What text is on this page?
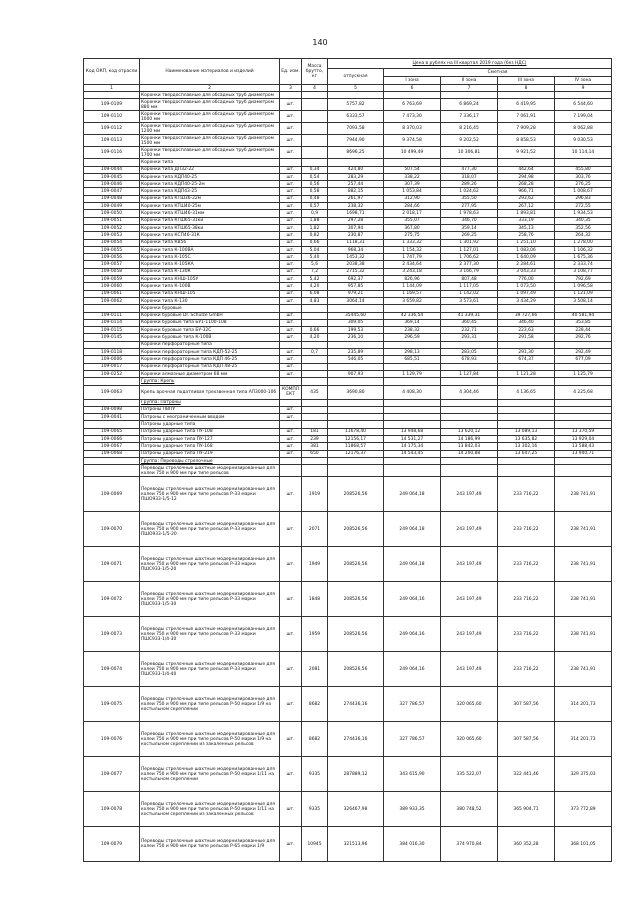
140
Код ОКП, код отрасли	Наименование материалов и изделий	Ед. изм.	Масса брутто, кг	Цена в рублях на III квартал 2019 года (без НДС)				
				отпускная	Сметная			
					I зона	II зона	III зона	IV зона
1	2	3	4	5	6	7	8	9
	Коронки твердосплавные для обсадных труб диаметром							
109-0109	Коронки твердосплавные для обсадных труб диаметром 880 мм	шт.		5757,82	6 763,69	6 869,24	6 419,95	6 544,60
109-0110	Коронки твердосплавные для обсадных труб диаметром 1000 мм	шт.		6333,57	7 473,30	7 336,17	7 061,91	7 199,04
109-0112	Коронки твердосплавные для обсадных труб диаметром 1200 мм	шт.		7093,58	8 370,03	8 216,45	7 909,28	8 062,88
109-0113	Коронки твердосплавные для обсадных труб диаметром 1500 мм	шт.		7944,90	9 374,58	9 202,52	8 858,53	9 030,53
109-0116	Коронки твердосплавные для обсадных труб диаметром 1700 мм	шт.		8696,25	10 499,49	10 306,81	9 921,52	10 114,14
	Коронки типа							
109-0044	Коронки типа ДП32-22	шт.	0,34	424,80	507,54	477,30	442,64	455,80
109-0045	Коронки типа КДП40-25	шт.	0,54	283,29	338,22	318,07	294,98	303,76
109-0046	Коронки типа КДП40-25-2м	шт.	0,56	257,44	307,39	289,26	268,28	276,25
109-0047	Коронки типа КДП43-25	шт.	0,58	882,15	1 053,84	1 024,62	966,71	1 008,67
109-0048	Коронки типа КТШ36-22м	шт.	0,48	261,97	312,90	355,50	293,62	296,83
109-0049	Коронки типа КТШ40-25м	шт.	0,57	238,32	284,66	277,95	267,12	272,55
109-0050	Коронки типа КТШ46-31мм	шт.	0,9	1698,71	2 018,17	1 978,63	1 893,81	1 934,53
109-0051	Коронки типа КТШ65-31ки	шт.	1,88	297,28	355,07	346,70	333,19	340,35
109-0052	Коронки типа КТШ65-38ки	шт.	1,82	307,94	367,80	359,14	345,13	352,56
109-0053	Коронки типа КСП46-31К	шт.	0,82	230,87	275,75	269,25	258,76	264,32
109-0054	Коронки типа КВ56	шт.	0,66	1118,31	1 333,32	1 301,92	1 251,10	1 278,00
109-0055	Коронки типа К-100ВА	шт.	5,04	968,34	1 154,32	1 127,01	1 083,06	1 106,32
109-0056	Коронки типа К-105С	шт.	5,40	1453,32	1 747,79	1 706,62	1 640,09	1 675,36
109-0057	Коронки типа К-105КА	шт.	5,6	2038,38	2 434,64	2 377,30	2 284,61	2 333,74
109-0058	Коронки типа К-130К	шт.	7,2	2715,32	3 243,18	3 166,79	3 043,33	3 108,77
109-0059	Коронки типа КНШ-105У	шт.	5,42	692,37	826,96	807,48	776,00	792,69
109-0060	Коронки типа К-100В	шт.	4,20	957,85	1 144,09	1 117,05	1 073,50	1 096,58
109-0061	Коронки типа КНШ-105	шт.	6,08	979,21	1 169,57	1 142,02	1 097,49	1 121,09
109-0062	Коронки типа К-130	шт.	4,83	3064,14	3 659,82	3 573,61	3 434,29	3 508,14
	Коронки буровые							
109-0111	Коронки буровые Dr. Schulze GmbH	шт.		35445,60	42 336,54	41 339,31	39 727,66	40 581,94
109-0114	Коронки буровые типа БУ1-1100-108	шт.		309,05	369,14	360,45	346,40	353,85
109-0115	Коронки буровые типа БУ-32С	шт.	0,66	199,53	238,32	232,71	223,63	228,44
109-0145	Коронки буровые типа К-100В	шт.	4,20	236,10	296,59	293,31	291,58	292,76
	Коронки перфораторные типа							
109-0118	Коронки перфораторные типа КДП-52-25	шт.	0,7	235,89	298,13	283,05	291,30	292,49
109-0006	Коронки перфораторные типа КДП 46-25	шт.		546,05	685,51	678,93	674,37	677,09
109-0017	Коронки перфораторные типа КДП 48-25	шт.						
109-0252	Коронки алмазные диаметром 68 мм	шт.		907,93	1 129,79	1 127,84	1 121,28	1 125,79
	Группа: Крепь							
109-0063	Крепь арочная податливая трехзвенная типа АП3000-106	КОМПЛ ЕКТ	435	3690,80	4 408,30	4 304,46	4 136,65	4 225,68
	Группа: Патроны							
109-0098	Патроны ПВПУ	шт.						
109-0041	Патроны с неограниченным вводом	шт.						
	Патроны ударные типа							
109-0065	Патроны ударные типа ПУ-108	шт.	181	11678,40	13 948,68	13 620,12	13 089,13	13 370,59
109-0066	Патроны ударные типа ПУ-127	шт.	239	12156,17	14 531,27	14 186,99	13 635,82	13 929,04
109-0067	Патроны ударные типа ПУ-168	шт.	381	11868,57	14 175,34	13 842,03	13 302,16	13 588,43
109-0068	Патроны ударные типа ПУ-219	шт.	650	12176,37	14 543,45	14 200,88	13 647,25	13 940,71
	Группа: Переводы стрелочные							
	Переводы стрелочные шахтные модернизированные для колеи 750 и 900 мм при типе рельсов							
109-0069	Переводы стрелочные шахтные модернизированные для колеи 750 и 900 мм при типе рельсов Р-33 марки ПШО933-1/5-12	шт.	1919	208526,56	249 064,18	243 197,49	233 716,22	238 741,91
109-0070	Переводы стрелочные шахтные модернизированные для колеи 750 и 900 мм при типе рельсов Р-33 марки ПШО933-1/5-20	шт.	2071	208526,56	249 064,18	243 197,49	233 716,22	238 741,91
109-0071	Переводы стрелочные шахтные модернизированные для колеи 750 и 900 мм при типе рельсов Р-33 марки ПШС933-1/5-20	шт.	1949	208526,56	249 064,18	243 197,49	233 716,22	238 741,91
109-0072	Переводы стрелочные шахтные модернизированные для колеи 750 и 900 мм при типе рельсов Р-33 марки ПШС933-1/5-30	шт.	1848	208526,56	249 064,16	243 197,49	233 716,22	238 741,91
109-0073	Переводы стрелочные шахтные модернизированные для колеи 750 и 900 мм при типе рельсов Р-33 марки ПШС933-1/4-30	шт.	1959	208526,56	249 064,16	243 197,49	233 716,22	238 741,91
109-0074	Переводы стрелочные шахтные модернизированные для колеи 750 и 900 мм при типе рельсов Р-33 марки ПШС933-1/4-40	шт.	2081	208526,56	249 064,16	243 197,49	233 716,22	238 741,91
109-0075	Переводы стрелочные шахтные модернизированные для колеи 750 и 900 мм при типе рельсов Р-50 марки 1/9 на костыльном скреплении	шт.	8682	274436,16	327 786,57	320 065,60	307 587,56	314 201,73
109-0076	Переводы стрелочные шахтные модернизированные для колеи 750 и 900 мм при типе рельсов Р-50 марки 1/9 на костыльном скреплении из закаленных рельсов	шт.	8682	274436,16	327 786,57	320 065,60	307 587,56	314 201,73
109-0077	Переводы стрелочные шахтные модернизированные для колеи 750 и 900 мм при типе рельсов Р-50 марки 1/11 на костыльном скреплении	шт.	9335	287889,12	343 615,90	335 522,07	322 441,46	329 375,03
109-0078	Переводы стрелочные шахтные модернизированные для колеи 750 и 900 мм при типе рельсов Р-50 марки 1/11 на костыльном скреплении из закаленных рельсов	шт.	9335	326467,98	389 933,35	380 748,52	365 904,71	373 772,89
109-0079	Переводы стрелочные шахтные модернизированные для колеи 750 и 900 мм при типе рельсов Р-65 марки 1/9	шт.	10945	321513,96	384 016,30	374 970,84	360 352,28	368 101,05
